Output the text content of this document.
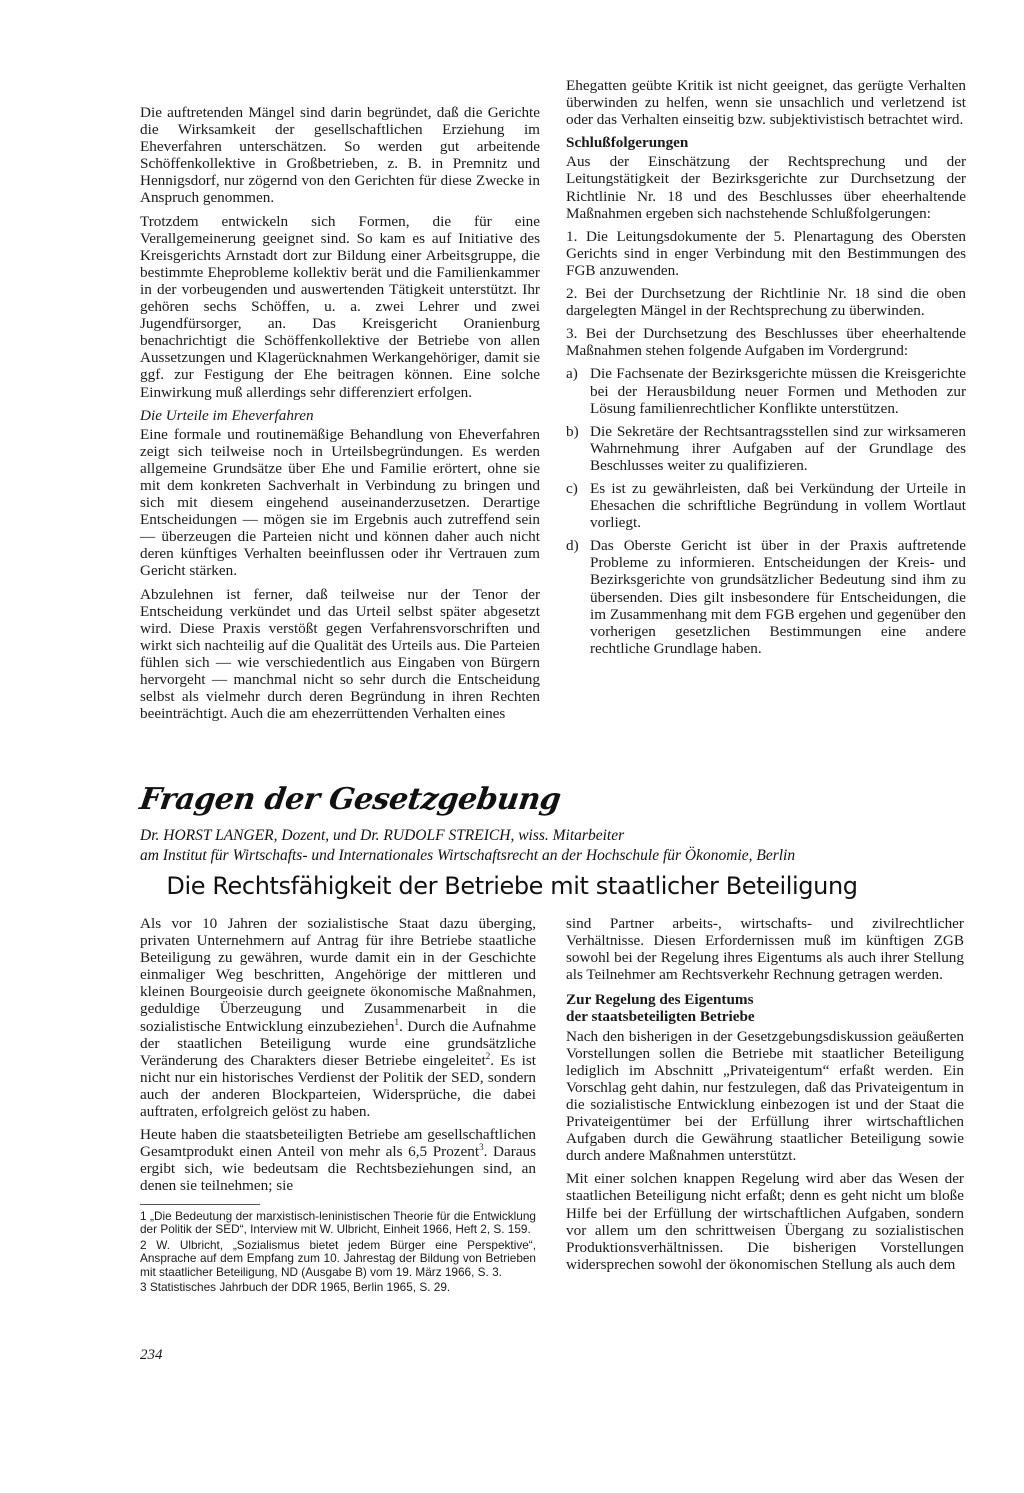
Die auftretenden Mängel sind darin begründet, daß die Gerichte die Wirksamkeit der gesellschaftlichen Erziehung im Eheverfahren unterschätzen. So werden gut arbeitende Schöffenkollektive in Großbetrieben, z. B. in Premnitz und Hennigsdorf, nur zögernd von den Gerichten für diese Zwecke in Anspruch genommen.

Trotzdem entwickeln sich Formen, die für eine Verallgemeinerung geeignet sind. So kam es auf Initiative des Kreisgerichts Arnstadt dort zur Bildung einer Arbeitsgruppe, die bestimmte Eheprobleme kollektiv berät und die Familienkammer in der vorbeugenden und auswertenden Tätigkeit unterstützt. Ihr gehören sechs Schöffen, u. a. zwei Lehrer und zwei Jugendfürsorger, an. Das Kreisgericht Oranienburg benachrichtigt die Schöffenkollektive der Betriebe von allen Aussetzungen und Klagerücknahmen Werkangehöriger, damit sie ggf. zur Festigung der Ehe beitragen können. Eine solche Einwirkung muß allerdings sehr differenziert erfolgen.

Die Urteile im Eheverfahren

Eine formale und routinemäßige Behandlung von Eheverfahren zeigt sich teilweise noch in Urteilsbegründungen. Es werden allgemeine Grundsätze über Ehe und Familie erörtert, ohne sie mit dem konkreten Sachverhalt in Verbindung zu bringen und sich mit diesem eingehend auseinanderzusetzen. Derartige Entscheidungen — mögen sie im Ergebnis auch zutreffend sein — überzeugen die Parteien nicht und können daher auch nicht deren künftiges Verhalten beeinflussen oder ihr Vertrauen zum Gericht stärken.

Abzulehnen ist ferner, daß teilweise nur der Tenor der Entscheidung verkündet und das Urteil selbst später abgesetzt wird. Diese Praxis verstößt gegen Verfahrensvorschriften und wirkt sich nachteilig auf die Qualität des Urteils aus. Die Parteien fühlen sich — wie verschiedentlich aus Eingaben von Bürgern hervorgeht — manchmal nicht so sehr durch die Entscheidung selbst als vielmehr durch deren Begründung in ihren Rechten beeinträchtigt. Auch die am ehezerrüttenden Verhalten eines

Ehegatten geübte Kritik ist nicht geeignet, das gerügte Verhalten überwinden zu helfen, wenn sie unsachlich und verletzend ist oder das Verhalten einseitig bzw. subjektivistisch betrachtet wird.

Schlußfolgerungen

Aus der Einschätzung der Rechtsprechung und der Leitungstätigkeit der Bezirksgerichte zur Durchsetzung der Richtlinie Nr. 18 und des Beschlusses über eheerhaltende Maßnahmen ergeben sich nachstehende Schlußfolgerungen:

1. Die Leitungsdokumente der 5. Plenartagung des Obersten Gerichts sind in enger Verbindung mit den Bestimmungen des FGB anzuwenden.

2. Bei der Durchsetzung der Richtlinie Nr. 18 sind die oben dargelegten Mängel in der Rechtsprechung zu überwinden.

3. Bei der Durchsetzung des Beschlusses über eheerhaltende Maßnahmen stehen folgende Aufgaben im Vordergrund:

a) Die Fachsenate der Bezirksgerichte müssen die Kreisgerichte bei der Herausbildung neuer Formen und Methoden zur Lösung familienrechtlicher Konflikte unterstützen.
b) Die Sekretäre der Rechtsantragsstellen sind zur wirksameren Wahrnehmung ihrer Aufgaben auf der Grundlage des Beschlusses weiter zu qualifizieren.
c) Es ist zu gewährleisten, daß bei Verkündung der Urteile in Ehesachen die schriftliche Begründung in vollem Wortlaut vorliegt.
d) Das Oberste Gericht ist über in der Praxis auftretende Probleme zu informieren. Entscheidungen der Kreis- und Bezirksgerichte von grundsätzlicher Bedeutung sind ihm zu übersenden. Dies gilt insbesondere für Entscheidungen, die im Zusammenhang mit dem FGB ergehen und gegenüber den vorherigen gesetzlichen Bestimmungen eine andere rechtliche Grundlage haben.
Fragen der Gesetzgebung
Dr. HORST LANGER, Dozent, und Dr. RUDOLF STREICH, wiss. Mitarbeiter
am Institut für Wirtschafts- und Internationales Wirtschaftsrecht an der Hochschule für Ökonomie, Berlin
Die Rechtsfähigkeit der Betriebe mit staatlicher Beteiligung

Als vor 10 Jahren der sozialistische Staat dazu überging, privaten Unternehmern auf Antrag für ihre Betriebe staatliche Beteiligung zu gewähren, wurde damit ein in der Geschichte einmaliger Weg beschritten, Angehörige der mittleren und kleinen Bourgeoisie durch geeignete ökonomische Maßnahmen, geduldige Überzeugung und Zusammenarbeit in die sozialistische Entwicklung einzubeziehen$^1$. Durch die Aufnahme der staatlichen Beteiligung wurde eine grundsätzliche Veränderung des Charakters dieser Betriebe eingeleitet$^2$. Es ist nicht nur ein historisches Verdienst der Politik der SED, sondern auch der anderen Blockparteien, Widersprüche, die dabei auftraten, erfolgreich gelöst zu haben.

Heute haben die staatsbeteiligten Betriebe am gesellschaftlichen Gesamtprodukt einen Anteil von mehr als 6,5 Prozent$^3$. Daraus ergibt sich, wie bedeutsam die Rechtsbeziehungen sind, an denen sie teilnehmen; sie

1 „Die Bedeutung der marxistisch-leninistischen Theorie für die Entwicklung der Politik der SED“, Interview mit W. Ulbricht, Einheit 1966, Heft 2, S. 159.

2 W. Ulbricht, „Sozialismus bietet jedem Bürger eine Perspektive“, Ansprache auf dem Empfang zum 10. Jahrestag der Bildung von Betrieben mit staatlicher Beteiligung, ND (Ausgabe B) vom 19. März 1966, S. 3.

3 Statistisches Jahrbuch der DDR 1965, Berlin 1965, S. 29.

234

sind Partner arbeits-, wirtschafts- und zivilrechtlicher Verhältnisse. Diesen Erfordernissen muß im künftigen ZGB sowohl bei der Regelung ihres Eigentums als auch ihrer Stellung als Teilnehmer am Rechtsverkehr Rechnung getragen werden.

Zur Regelung des Eigentums
der staatsbeteiligten Betriebe

Nach den bisherigen in der Gesetzgebungsdiskussion geäußerten Vorstellungen sollen die Betriebe mit staatlicher Beteiligung lediglich im Abschnitt „Privateigentum“ erfaßt werden. Ein Vorschlag geht dahin, nur festzulegen, daß das Privateigentum in die sozialistische Entwicklung einbezogen ist und der Staat die Privateigentümer bei der Erfüllung ihrer wirtschaftlichen Aufgaben durch die Gewährung staatlicher Beteiligung sowie durch andere Maßnahmen unterstützt.

Mit einer solchen knappen Regelung wird aber das Wesen der staatlichen Beteiligung nicht erfaßt; denn es geht nicht um bloße Hilfe bei der Erfüllung der wirtschaftlichen Aufgaben, sondern vor allem um den schrittweisen Übergang zu sozialistischen Produktionsverhältnissen. Die bisherigen Vorstellungen widersprechen sowohl der ökonomischen Stellung als auch dem
